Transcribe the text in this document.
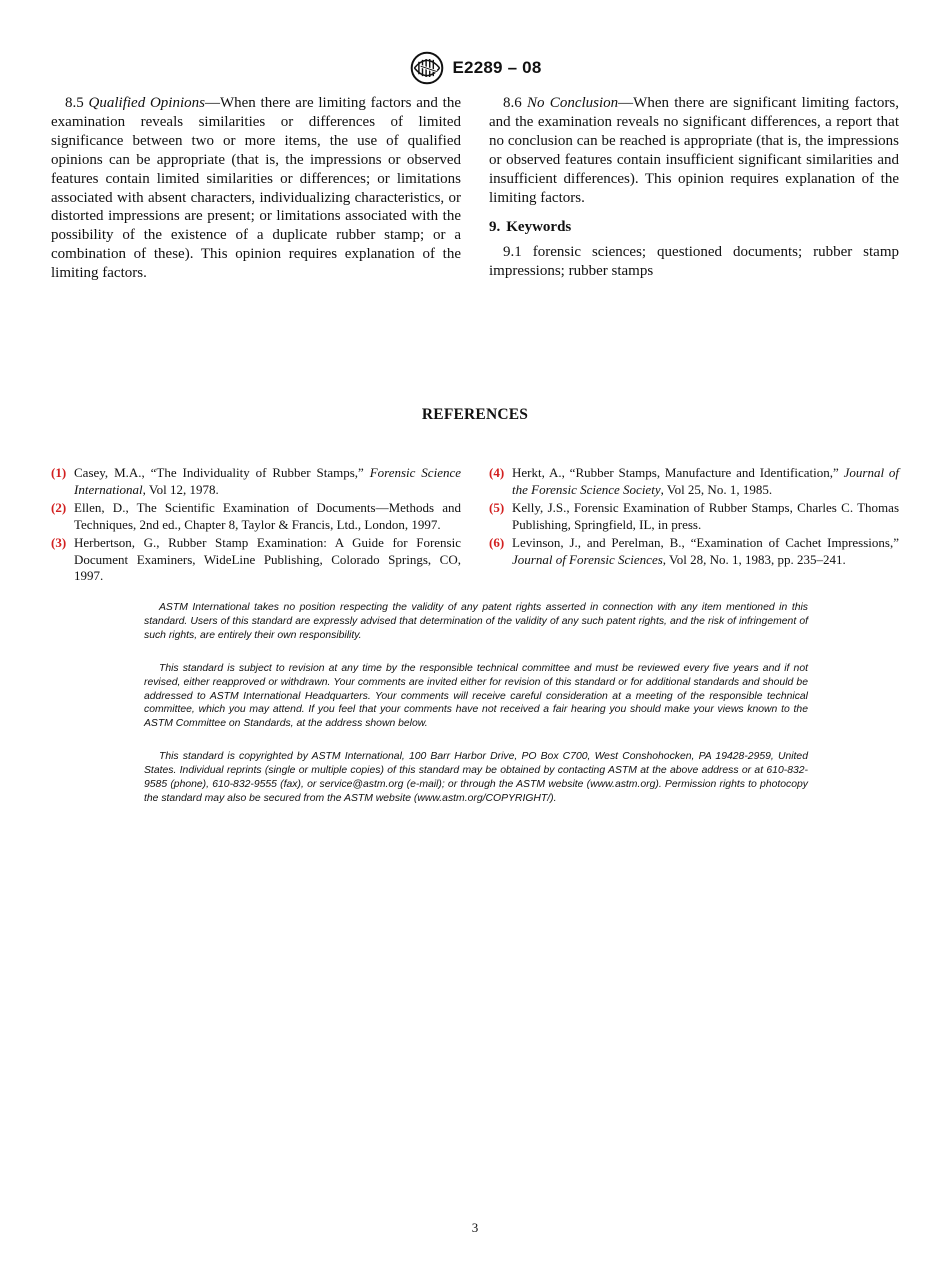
E2289 – 08

8.5 Qualified Opinions—When there are limiting factors and the examination reveals similarities or differences of limited significance between two or more items, the use of qualified opinions can be appropriate (that is, the impressions or observed features contain limited similarities or differences; or limitations associated with absent characters, individualizing characteristics, or distorted impressions are present; or limitations associated with the possibility of the existence of a duplicate rubber stamp; or a combination of these). This opinion requires explanation of the limiting factors.

8.6 No Conclusion—When there are significant limiting factors, and the examination reveals no significant differences, a report that no conclusion can be reached is appropriate (that is, the impressions or observed features contain insufficient significant similarities and insufficient differences). This opinion requires explanation of the limiting factors.

9. Keywords

9.1 forensic sciences; questioned documents; rubber stamp impressions; rubber stamps

REFERENCES
(1) Casey, M.A., “The Individuality of Rubber Stamps,” Forensic Science International, Vol 12, 1978.
(2) Ellen, D., The Scientific Examination of Documents—Methods and Techniques, 2nd ed., Chapter 8, Taylor & Francis, Ltd., London, 1997.
(3) Herbertson, G., Rubber Stamp Examination: A Guide for Forensic Document Examiners, WideLine Publishing, Colorado Springs, CO, 1997.
(4) Herkt, A., “Rubber Stamps, Manufacture and Identification,” Journal of the Forensic Science Society, Vol 25, No. 1, 1985.
(5) Kelly, J.S., Forensic Examination of Rubber Stamps, Charles C. Thomas Publishing, Springfield, IL, in press.
(6) Levinson, J., and Perelman, B., “Examination of Cachet Impressions,” Journal of Forensic Sciences, Vol 28, No. 1, 1983, pp. 235–241.

ASTM International takes no position respecting the validity of any patent rights asserted in connection with any item mentioned in this standard. Users of this standard are expressly advised that determination of the validity of any such patent rights, and the risk of infringement of such rights, are entirely their own responsibility.

This standard is subject to revision at any time by the responsible technical committee and must be reviewed every five years and if not revised, either reapproved or withdrawn. Your comments are invited either for revision of this standard or for additional standards and should be addressed to ASTM International Headquarters. Your comments will receive careful consideration at a meeting of the responsible technical committee, which you may attend. If you feel that your comments have not received a fair hearing you should make your views known to the ASTM Committee on Standards, at the address shown below.

This standard is copyrighted by ASTM International, 100 Barr Harbor Drive, PO Box C700, West Conshohocken, PA 19428-2959, United States. Individual reprints (single or multiple copies) of this standard may be obtained by contacting ASTM at the above address or at 610-832-9585 (phone), 610-832-9555 (fax), or service@astm.org (e-mail); or through the ASTM website (www.astm.org). Permission rights to photocopy the standard may also be secured from the ASTM website (www.astm.org/COPYRIGHT/).

3
